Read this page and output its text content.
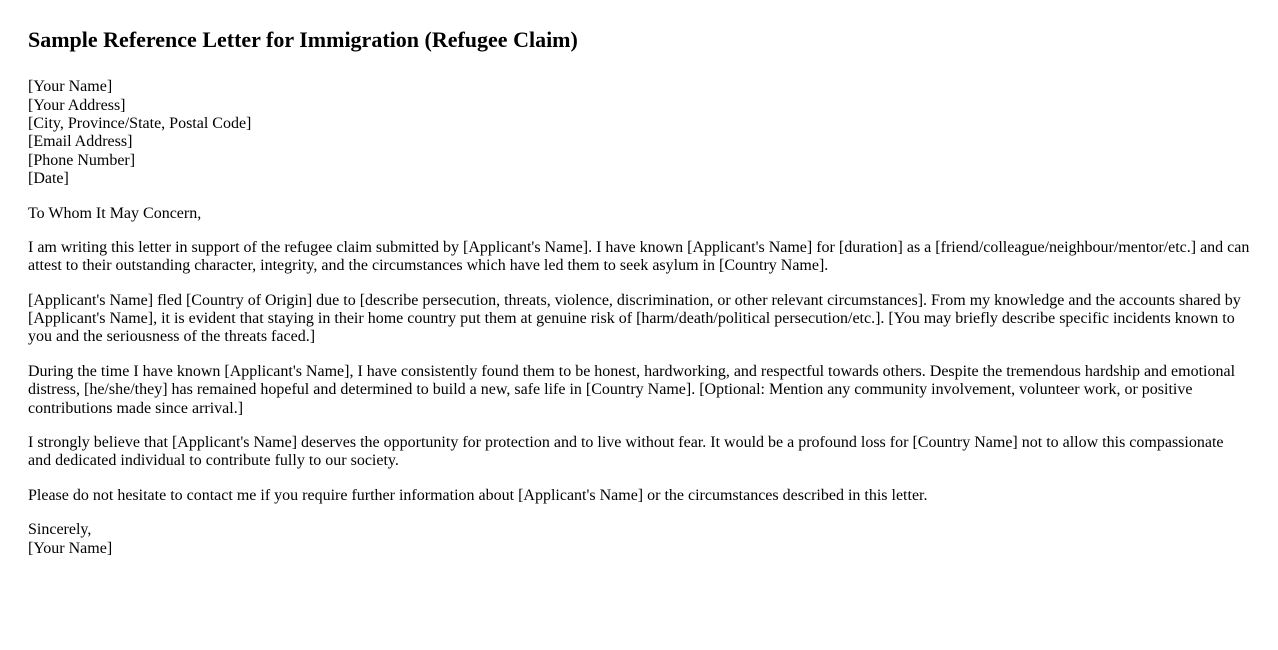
Sample Reference Letter for Immigration (Refugee Claim)

[Your Name]
[Your Address]
[City, Province/State, Postal Code]
[Email Address]
[Phone Number]
[Date]

To Whom It May Concern,

I am writing this letter in support of the refugee claim submitted by [Applicant's Name]. I have known [Applicant's Name] for [duration] as a [friend/colleague/neighbour/mentor/etc.] and can attest to their outstanding character, integrity, and the circumstances which have led them to seek asylum in [Country Name].

[Applicant's Name] fled [Country of Origin] due to [describe persecution, threats, violence, discrimination, or other relevant circumstances]. From my knowledge and the accounts shared by [Applicant's Name], it is evident that staying in their home country put them at genuine risk of [harm/death/political persecution/etc.]. [You may briefly describe specific incidents known to you and the seriousness of the threats faced.]

During the time I have known [Applicant's Name], I have consistently found them to be honest, hardworking, and respectful towards others. Despite the tremendous hardship and emotional distress, [he/she/they] has remained hopeful and determined to build a new, safe life in [Country Name]. [Optional: Mention any community involvement, volunteer work, or positive contributions made since arrival.]

I strongly believe that [Applicant's Name] deserves the opportunity for protection and to live without fear. It would be a profound loss for [Country Name] not to allow this compassionate and dedicated individual to contribute fully to our society.

Please do not hesitate to contact me if you require further information about [Applicant's Name] or the circumstances described in this letter.

Sincerely,
[Your Name]
